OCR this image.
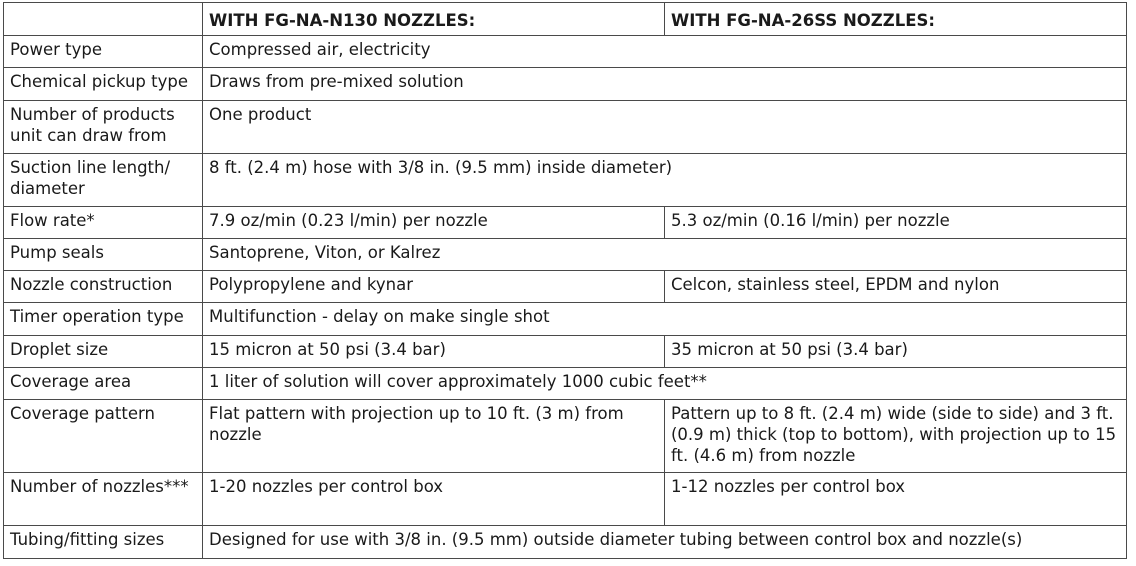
	WITH FG-NA-N130 NOZZLES:	WITH FG-NA-26SS NOZZLES:
Power type	Compressed air, electricity	
Chemical pickup type	Draws from pre-mixed solution	
Number of products unit can draw from	One product	
Suction line length/ diameter	8 ft. (2.4 m) hose with 3/8 in. (9.5 mm) inside diameter)	
Flow rate*	7.9 oz/min (0.23 l/min) per nozzle	5.3 oz/min (0.16 l/min) per nozzle
Pump seals	Santoprene, Viton, or Kalrez	
Nozzle construction	Polypropylene and kynar	Celcon, stainless steel, EPDM and nylon
Timer operation type	Multifunction - delay on make single shot	
Droplet size	15 micron at 50 psi (3.4 bar)	35 micron at 50 psi (3.4 bar)
Coverage area	1 liter of solution will cover approximately 1000 cubic feet**	
Coverage pattern	Flat pattern with projection up to 10 ft. (3 m) from nozzle	Pattern up to 8 ft. (2.4 m) wide (side to side) and 3 ft. (0.9 m) thick (top to bottom), with projection up to 15 ft. (4.6 m) from nozzle
Number of nozzles***	1-20 nozzles per control box	1-12 nozzles per control box
Tubing/fitting sizes	Designed for use with 3/8 in. (9.5 mm) outside diameter tubing between control box and nozzle(s)	
